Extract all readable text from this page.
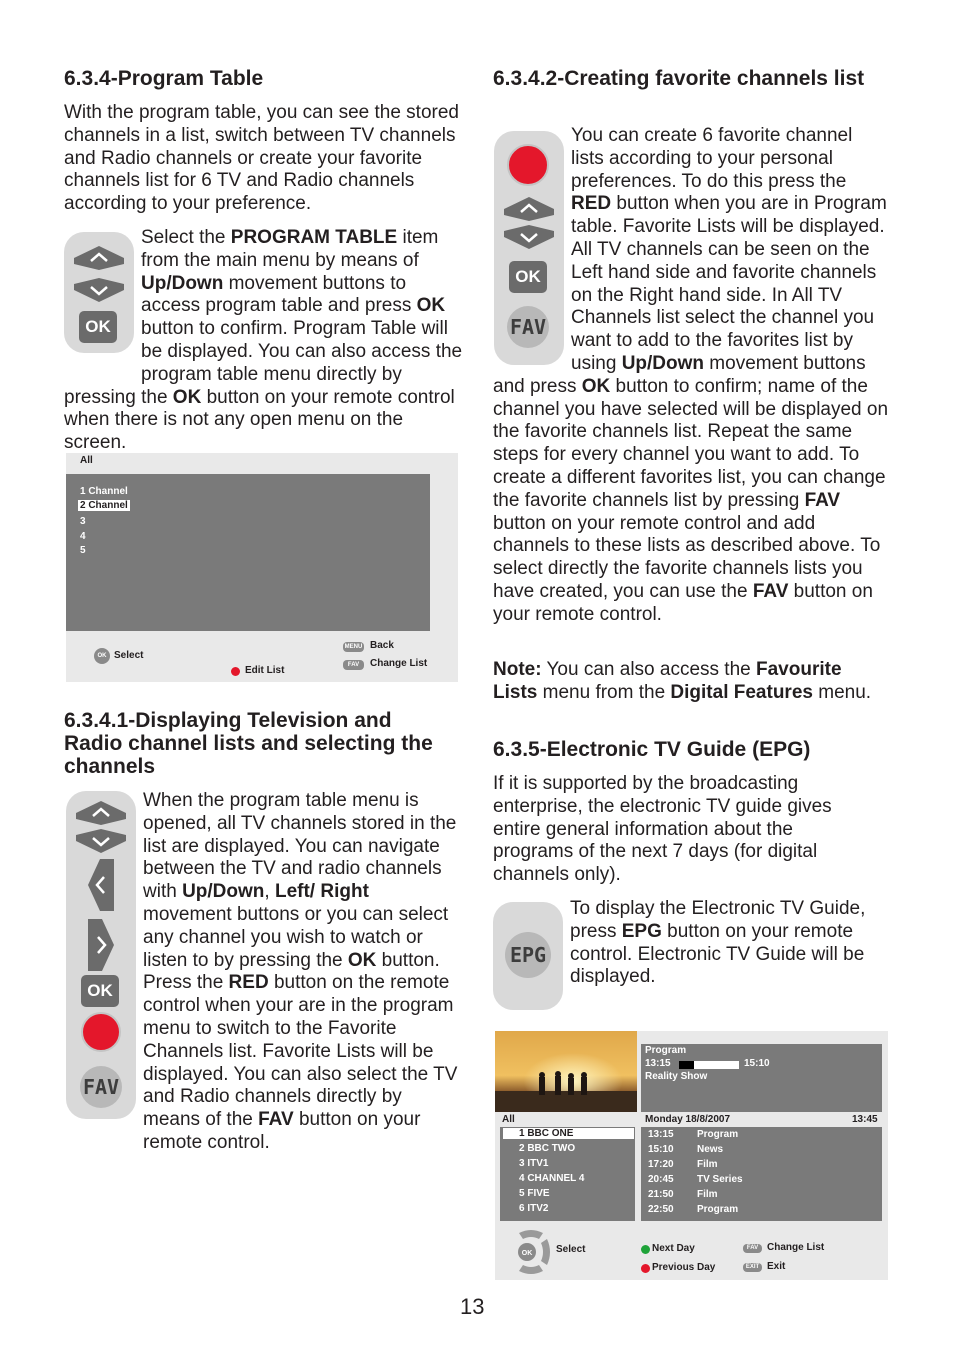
6.3.4-Program Table

With the program table, you can see the stored channels in a list, switch between TV channels and Radio channels or create your favorite channels list for 6 TV and Radio channels according to your preference.

OK

Select the PROGRAM TABLE item from the main menu by means of Up/Down movement buttons to access program table and press OK button to confirm. Program Table will be displayed. You can also access the program table menu directly by pressing the OK button on your remote control when there is not any open menu on the screen.

All
1 Channel
2 Channel
3
4
5
OK Select
Edit List
MENU Back
FAV	Change List
6.3.4.1-Displaying Television and Radio channel lists and selecting the channels
OK
FAV

When the program table menu is opened, all TV channels stored in the list are displayed. You can navigate between the TV and radio channels with Up/Down, Left/ Right movement buttons or you can select any channel you wish to watch or listen to by pressing the OK button. Press the RED button on the remote control when your are in the program menu to switch to the Favorite Channels list. Favorite Lists will be displayed. You can also select the TV and Radio channels directly by means of the FAV button on your remote control.

6.3.4.2-Creating favorite channels list
OK
FAV

You can create 6 favorite channel lists according to your personal preferences. To do this press the RED button when you are in Program table. Favorite Lists will be displayed. All TV channels can be seen on the Left hand side and favorite channels on the Right hand side. In All TV Channels list select the channel you want to add to the favorites list by using Up/Down movement buttons and press OK button to confirm; name of the channel you have selected will be displayed on the favorite channels list. Repeat the same steps for every channel you want to add. To create a different favorites list, you can change the favorite channels list by pressing FAV button on your remote control and add channels to these lists as described above. To select directly the favorite channels lists you have created, you can use the FAV button on your remote control.

Note: You can also access the Favourite Lists menu from the Digital Features menu.

6.3.5-Electronic TV Guide (EPG)

If it is supported by the broadcasting enterprise, the electronic TV guide gives entire general information about the programs of the next 7 days (for digital channels only).

EPG

To display the Electronic TV Guide, press EPG button on your remote control. Electronic TV Guide will be displayed.

Program
13:15	15:10
Reality Show
All
1 BBC ONE
2 BBC TWO
3 ITV1
4 CHANNEL 4
5 FIVE
6 ITV2
Monday 18/8/2007	13:45
13:15 Program
15:10 News
17:20 Film
20:45 TV Series
21:50 Film
22:50 Program
OK Select	Next Day
Previous Day
FAV Change List
EXIT Exit
13
